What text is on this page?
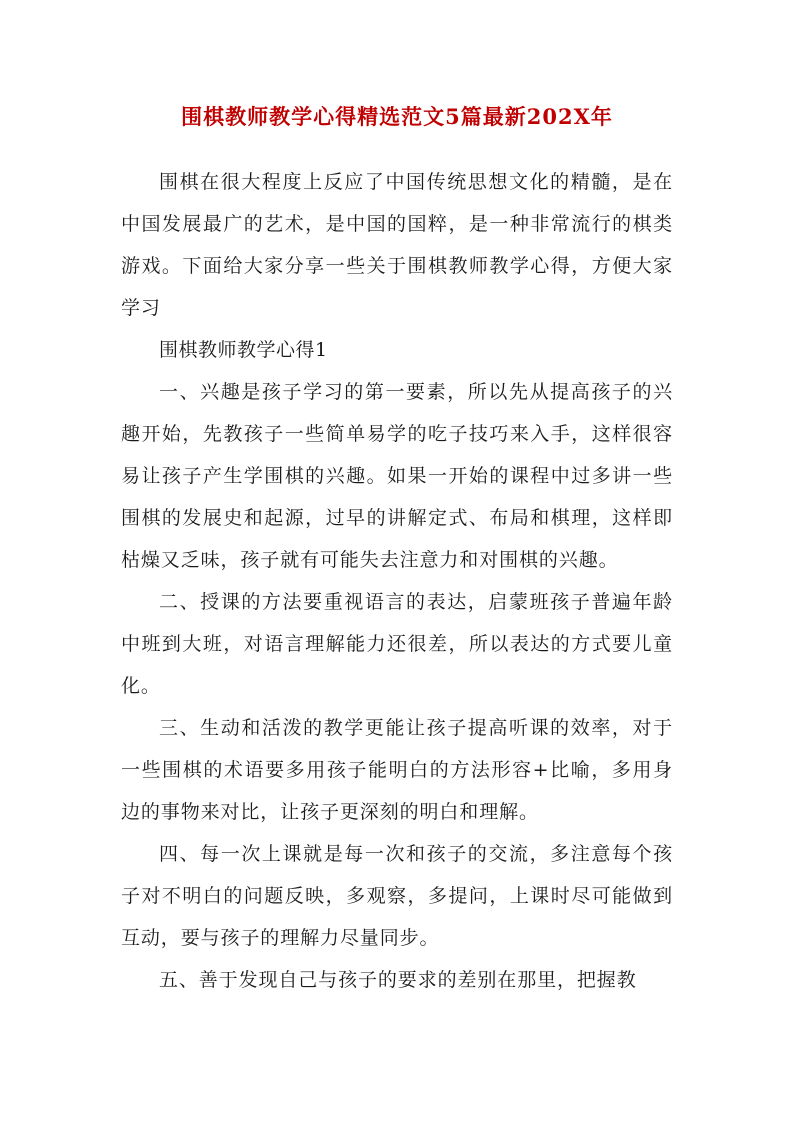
围棋教师教学心得精选范文5篇最新202X年

围棋在很大程度上反应了中国传统思想文化的精髓，是在中国发展最广的艺术，是中国的国粹，是一种非常流行的棋类游戏。下面给大家分享一些关于围棋教师教学心得，方便大家学习

围棋教师教学心得1

一、兴趣是孩子学习的第一要素，所以先从提高孩子的兴趣开始，先教孩子一些简单易学的吃子技巧来入手，这样很容易让孩子产生学围棋的兴趣。如果一开始的课程中过多讲一些围棋的发展史和起源，过早的讲解定式、布局和棋理，这样即枯燥又乏味，孩子就有可能失去注意力和对围棋的兴趣。

二、授课的方法要重视语言的表达，启蒙班孩子普遍年龄中班到大班，对语言理解能力还很差，所以表达的方式要儿童化。

三、生动和活泼的教学更能让孩子提高听课的效率，对于一些围棋的术语要多用孩子能明白的方法形容+比喻，多用身边的事物来对比，让孩子更深刻的明白和理解。

四、每一次上课就是每一次和孩子的交流，多注意每个孩子对不明白的问题反映，多观察，多提问，上课时尽可能做到互动，要与孩子的理解力尽量同步。

五、善于发现自己与孩子的要求的差别在那里，把握教
